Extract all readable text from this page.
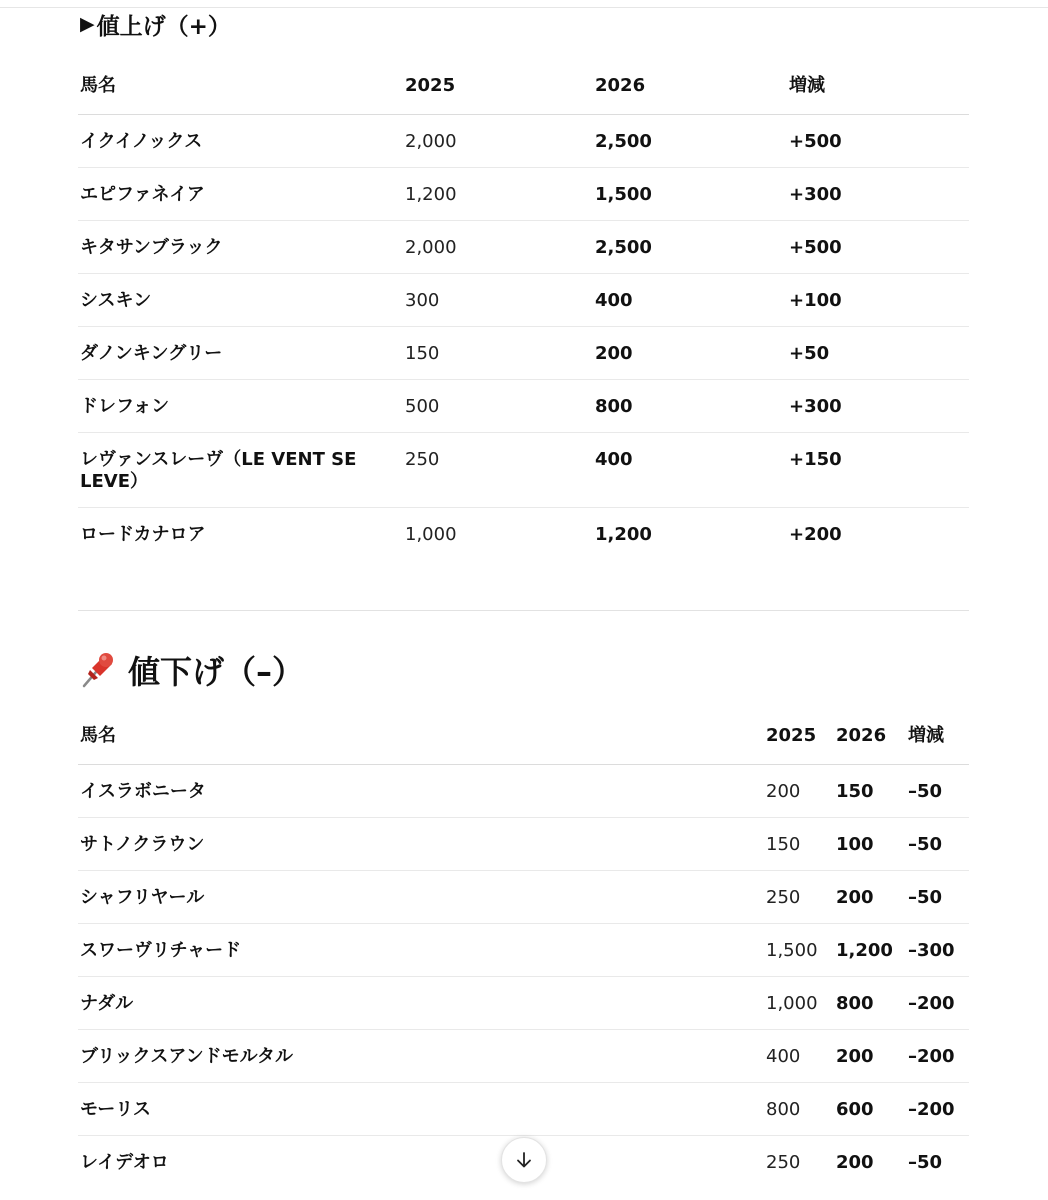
▶ 値上げ（+）
馬名	2025	2026	増減
イクイノックス	2,000	2,500	+500
エピファネイア	1,200	1,500	+300
キタサンブラック	2,000	2,500	+500
シスキン	300	400	+100
ダノンキングリー	150	200	+50
ドレフォン	500	800	+300
レヴァンスレーヴ（LE VENT SE LEVE）	250	400	+150
ロードカナロア	1,000	1,200	+200
値下げ（–）
馬名	2025	2026	増減
イスラボニータ	200	150	–50
サトノクラウン	150	100	–50
シャフリヤール	250	200	–50
スワーヴリチャード	1,500	1,200	–300
ナダル	1,000	800	–200
ブリックスアンドモルタル	400	200	–200
モーリス	800	600	–200
レイデオロ	250	200	–50
